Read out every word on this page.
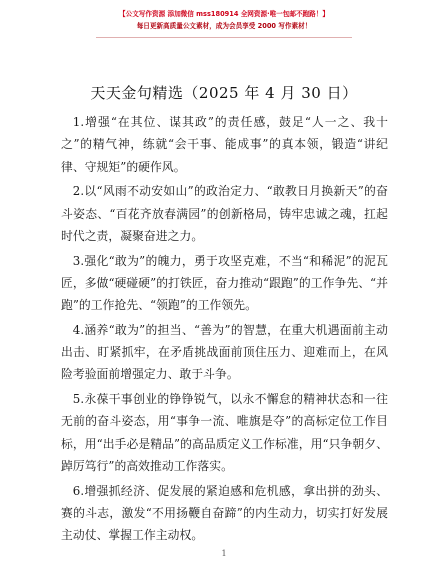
【公文写作资源 添加微信 mss180914 全网资源·唯一包邮不跑路！】
每日更新高质量公文素材，成为会员享受 2000 写作素材！
天天金句精选（2025 年 4 月 30 日）

1.增强“在其位、谋其政”的责任感，鼓足“人一之、我十之”的精气神，练就“会干事、能成事”的真本领，锻造“讲纪律、守规矩”的硬作风。

2.以“风雨不动安如山”的政治定力、“敢教日月换新天”的奋斗姿态、“百花齐放春满园”的创新格局，铸牢忠诚之魂，扛起时代之责，凝聚奋进之力。

3.强化“敢为”的魄力，勇于攻坚克难，不当“和稀泥”的泥瓦匠，多做“硬碰硬”的打铁匠，奋力推动“跟跑”的工作争先、“并跑”的工作抢先、“领跑”的工作领先。

4.涵养“敢为”的担当、“善为”的智慧，在重大机遇面前主动出击、盯紧抓牢，在矛盾挑战面前顶住压力、迎难而上，在风险考验面前增强定力、敢于斗争。

5.永葆干事创业的铮铮锐气，以永不懈怠的精神状态和一往无前的奋斗姿态，用“事争一流、唯旗是夺”的高标定位工作目标，用“出手必是精品”的高品质定义工作标准，用“只争朝夕、踔厉笃行”的高效推动工作落实。

6.增强抓经济、促发展的紧迫感和危机感，拿出拼的劲头、赛的斗志，激发“不用扬鞭自奋蹄”的内生动力，切实打好发展主动仗、掌握工作主动权。

1
